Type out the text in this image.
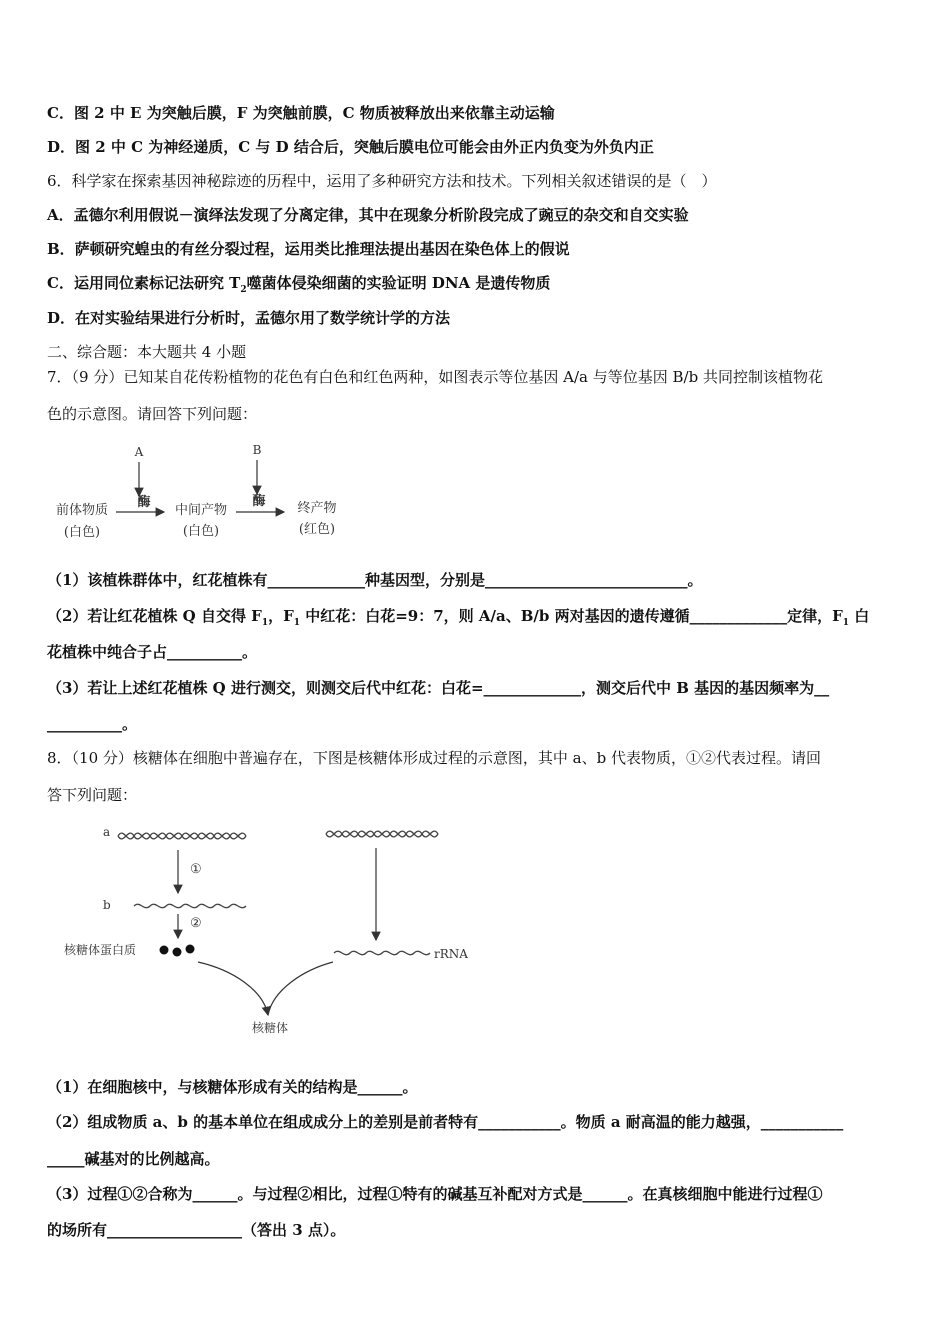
C．图 2 中 E 为突触后膜，F 为突触前膜，C 物质被释放出来依靠主动运输
D．图 2 中 C 为神经递质，C 与 D 结合后，突触后膜电位可能会由外正内负变为外负内正
6．科学家在探索基因神秘踪迹的历程中，运用了多种研究方法和技术。下列相关叙述错误的是（　）
A．孟德尔利用假说－演绎法发现了分离定律，其中在现象分析阶段完成了豌豆的杂交和自交实验
B．萨顿研究蝗虫的有丝分裂过程，运用类比推理法提出基因在染色体上的假说
C．运用同位素标记法研究 $T_2$噬菌体侵染细菌的实验证明 DNA 是遗传物质
D．在对实验结果进行分析时，孟德尔用了数学统计学的方法
二、综合题：本大题共 4 小题
7．（9 分）已知某自花传粉植物的花色有白色和红色两种，如图表示等位基因 A/a 与等位基因 B/b 共同控制该植物花
色的示意图。请回答下列问题：
A	B
酶	酶
前体物质
(白色)
中间产物
(白色)
终产物
(红色)
（1）该植株群体中，红花植株有_____________种基因型，分别是___________________________。
（2）若让红花植株 Q 自交得 $F_1$，$F_1$ 中红花：白花=9：7，则 A/a、B/b 两对基因的遗传遵循_____________定律，$F_1$ 白
花植株中纯合子占__________。
（3）若让上述红花植株 Q 进行测交，则测交后代中红花：白花=_____________，测交后代中 B 基因的基因频率为__
__________。
8．（10 分）核糖体在细胞中普遍存在，下图是核糖体形成过程的示意图，其中 a、b 代表物质，①②代表过程。请回
答下列问题：
a
①
b
②
核糖体蛋白质	rRNA
核糖体
（1）在细胞核中，与核糖体形成有关的结构是______。
（2）组成物质 a、b 的基本单位在组成成分上的差别是前者特有___________。物质 a 耐高温的能力越强，___________
_____碱基对的比例越高。
（3）过程①②合称为______。与过程②相比，过程①特有的碱基互补配对方式是______。在真核细胞中能进行过程①
的场所有__________________（答出 3 点）。
